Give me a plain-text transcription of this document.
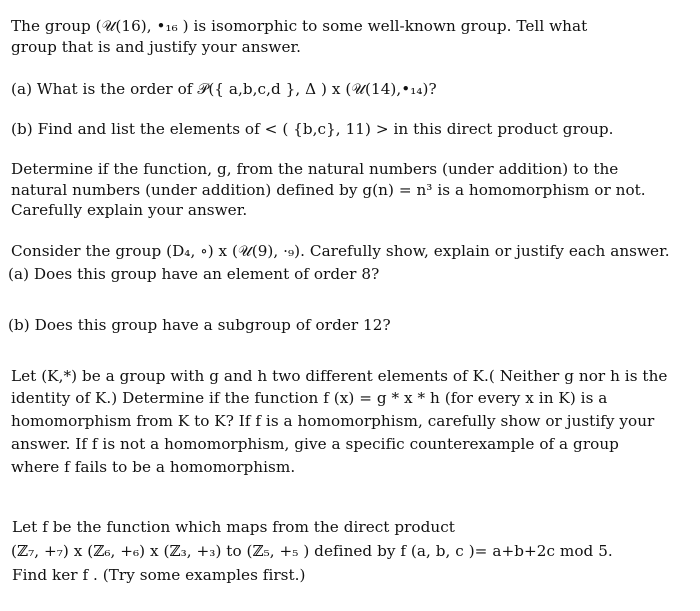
The group (𝒰(16), •₁₆ ) is isomorphic to some well-known group. Tell what
group that is and justify your answer.
(a) What is the order of 𝒫({ a,b,c,d }, Δ ) x (𝒰(14),•₁₄)?
(b) Find and list the elements of < ( {b,c}, 11) > in this direct product group.
Determine if the function, g, from the natural numbers (under addition) to the
natural numbers (under addition) defined by g(n) = n³ is a homomorphism or not.
Carefully explain your answer.
Consider the group (D₄, ∘) x (𝒰(9), ·₉). Carefully show, explain or justify each answer.
(a) Does this group have an element of order 8?
(b) Does this group have a subgroup of order 12?
Let (K,*) be a group with g and h two different elements of K.( Neither g nor h is the
identity of K.) Determine if the function f (x) = g * x * h (for every x in K) is a
homomorphism from K to K? If f is a homomorphism, carefully show or justify your
answer. If f is not a homomorphism, give a specific counterexample of a group
where f fails to be a homomorphism.
Let f be the function which maps from the direct product
(ℤ₇, +₇) x (ℤ₆, +₆) x (ℤ₃, +₃) to (ℤ₅, +₅ ) defined by f (a, b, c )= a+b+2c mod 5.
Find ker f . (Try some examples first.)
